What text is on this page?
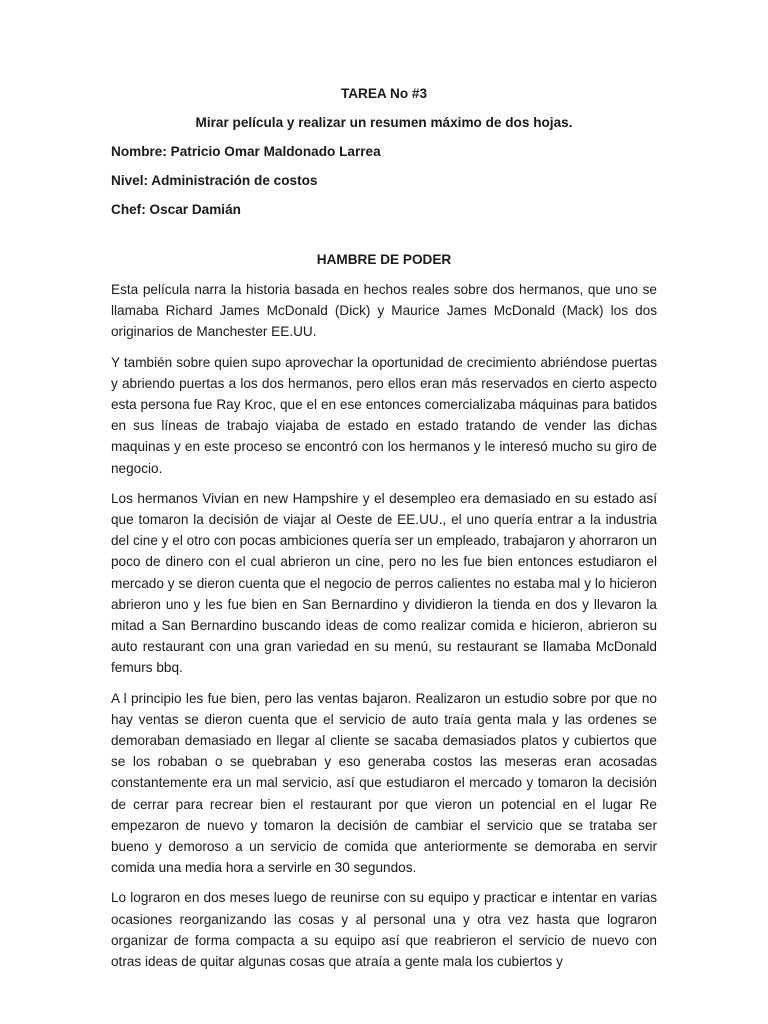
TAREA No #3

Mirar película y realizar un resumen máximo de dos hojas.

Nombre: Patricio Omar Maldonado Larrea

Nivel: Administración de costos

Chef: Oscar Damián

HAMBRE DE PODER

Esta película narra la historia basada en hechos reales sobre dos hermanos, que uno se llamaba Richard James McDonald (Dick) y Maurice James McDonald (Mack) los dos originarios de Manchester EE.UU.

Y también sobre quien supo aprovechar la oportunidad de crecimiento abriéndose puertas y abriendo puertas a los dos hermanos, pero ellos eran más reservados en cierto aspecto esta persona fue Ray Kroc, que el en ese entonces comercializaba máquinas para batidos en sus líneas de trabajo viajaba de estado en estado tratando de vender las dichas maquinas y en este proceso se encontró con los hermanos y le interesó mucho su giro de negocio.

Los hermanos Vivian en new Hampshire y el desempleo era demasiado en su estado así que tomaron la decisión de viajar al Oeste de EE.UU., el uno quería entrar a la industria del cine y el otro con pocas ambiciones quería ser un empleado, trabajaron y ahorraron un poco de dinero con el cual abrieron un cine, pero no les fue bien entonces estudiaron el mercado y se dieron cuenta que el negocio de perros calientes no estaba mal y lo hicieron abrieron uno y les fue bien en San Bernardino y dividieron la tienda en dos y llevaron la mitad a San Bernardino buscando ideas de como realizar comida e hicieron, abrieron su auto restaurant con una gran variedad en su menú, su restaurant se llamaba McDonald femurs bbq.

A l principio les fue bien, pero las ventas bajaron. Realizaron un estudio sobre por que no hay ventas se dieron cuenta que el servicio de auto traía genta mala y las ordenes se demoraban demasiado en llegar al cliente se sacaba demasiados platos y cubiertos que se los robaban o se quebraban y eso generaba costos las meseras eran acosadas constantemente era un mal servicio, así que estudiaron el mercado y tomaron la decisión de cerrar para recrear bien el restaurant por que vieron un potencial en el lugar Re empezaron de nuevo y tomaron la decisión de cambiar el servicio que se trataba ser bueno y demoroso a un servicio de comida que anteriormente se demoraba en servir comida una media hora a servirle en 30 segundos.

Lo lograron en dos meses luego de reunirse con su equipo y practicar e intentar en varias ocasiones reorganizando las cosas y al personal una y otra vez hasta que lograron organizar de forma compacta a su equipo así que reabrieron el servicio de nuevo con otras ideas de quitar algunas cosas que atraía a gente mala los cubiertos y
